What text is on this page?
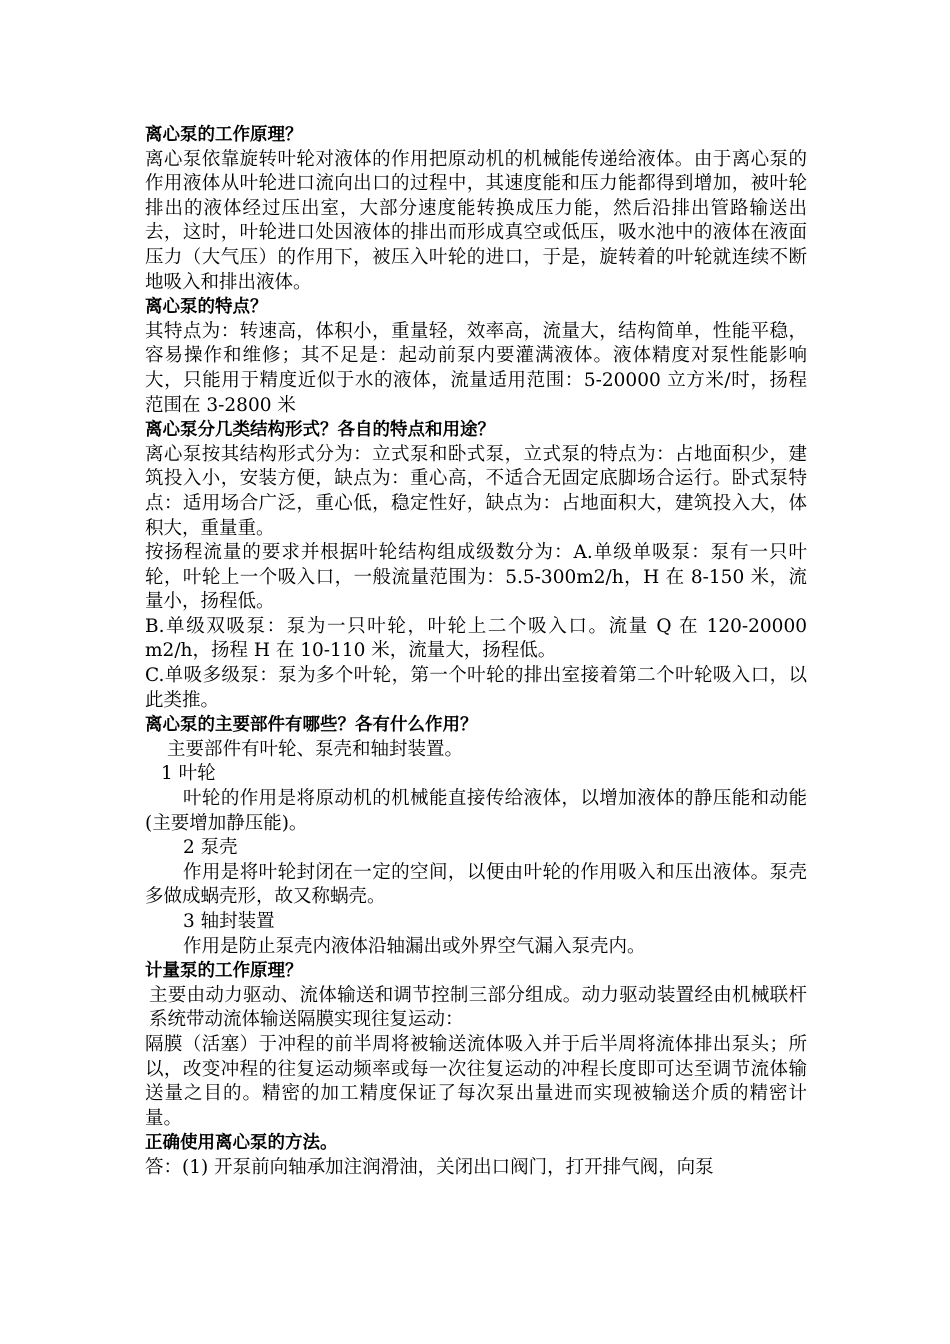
离心泵的工作原理？

离心泵依靠旋转叶轮对液体的作用把原动机的机械能传递给液体。由于离心泵的作用液体从叶轮进口流向出口的过程中，其速度能和压力能都得到增加，被叶轮排出的液体经过压出室，大部分速度能转换成压力能，然后沿排出管路输送出去，这时，叶轮进口处因液体的排出而形成真空或低压，吸水池中的液体在液面压力（大气压）的作用下，被压入叶轮的进口，于是，旋转着的叶轮就连续不断地吸入和排出液体。

离心泵的特点？

其特点为：转速高，体积小，重量轻，效率高，流量大，结构简单，性能平稳，容易操作和维修；其不足是：起动前泵内要灌满液体。液体精度对泵性能影响大，只能用于精度近似于水的液体，流量适用范围：5-20000 立方米/时，扬程范围在 3-2800 米

离心泵分几类结构形式？各自的特点和用途？

离心泵按其结构形式分为：立式泵和卧式泵，立式泵的特点为：占地面积少，建筑投入小，安装方便，缺点为：重心高，不适合无固定底脚场合运行。卧式泵特点：适用场合广泛，重心低，稳定性好，缺点为：占地面积大，建筑投入大，体积大，重量重。

按扬程流量的要求并根据叶轮结构组成级数分为：A.单级单吸泵：泵有一只叶轮，叶轮上一个吸入口，一般流量范围为：5.5-300m2/h，H 在 8-150 米，流量小，扬程低。

B.单级双吸泵：泵为一只叶轮，叶轮上二个吸入口。流量 Q 在 120-20000 m2/h，扬程 H 在 10-110 米，流量大，扬程低。

C.单吸多级泵：泵为多个叶轮，第一个叶轮的排出室接着第二个叶轮吸入口，以此类推。

离心泵的主要部件有哪些？各有什么作用？

主要部件有叶轮、泵壳和轴封装置。

1 叶轮

叶轮的作用是将原动机的机械能直接传给液体，以增加液体的静压能和动能(主要增加静压能)。

2 泵壳

作用是将叶轮封闭在一定的空间，以便由叶轮的作用吸入和压出液体。泵壳多做成蜗壳形，故又称蜗壳。

3 轴封装置

作用是防止泵壳内液体沿轴漏出或外界空气漏入泵壳内。

计量泵的工作原理？

主要由动力驱动、流体输送和调节控制三部分组成。动力驱动装置经由机械联杆系统带动流体输送隔膜实现往复运动：

隔膜（活塞）于冲程的前半周将被输送流体吸入并于后半周将流体排出泵头；所以，改变冲程的往复运动频率或每一次往复运动的冲程长度即可达至调节流体输送量之目的。精密的加工精度保证了每次泵出量进而实现被输送介质的精密计量。

正确使用离心泵的方法。

答：(1) 开泵前向轴承加注润滑油，关闭出口阀门，打开排气阀，向泵
